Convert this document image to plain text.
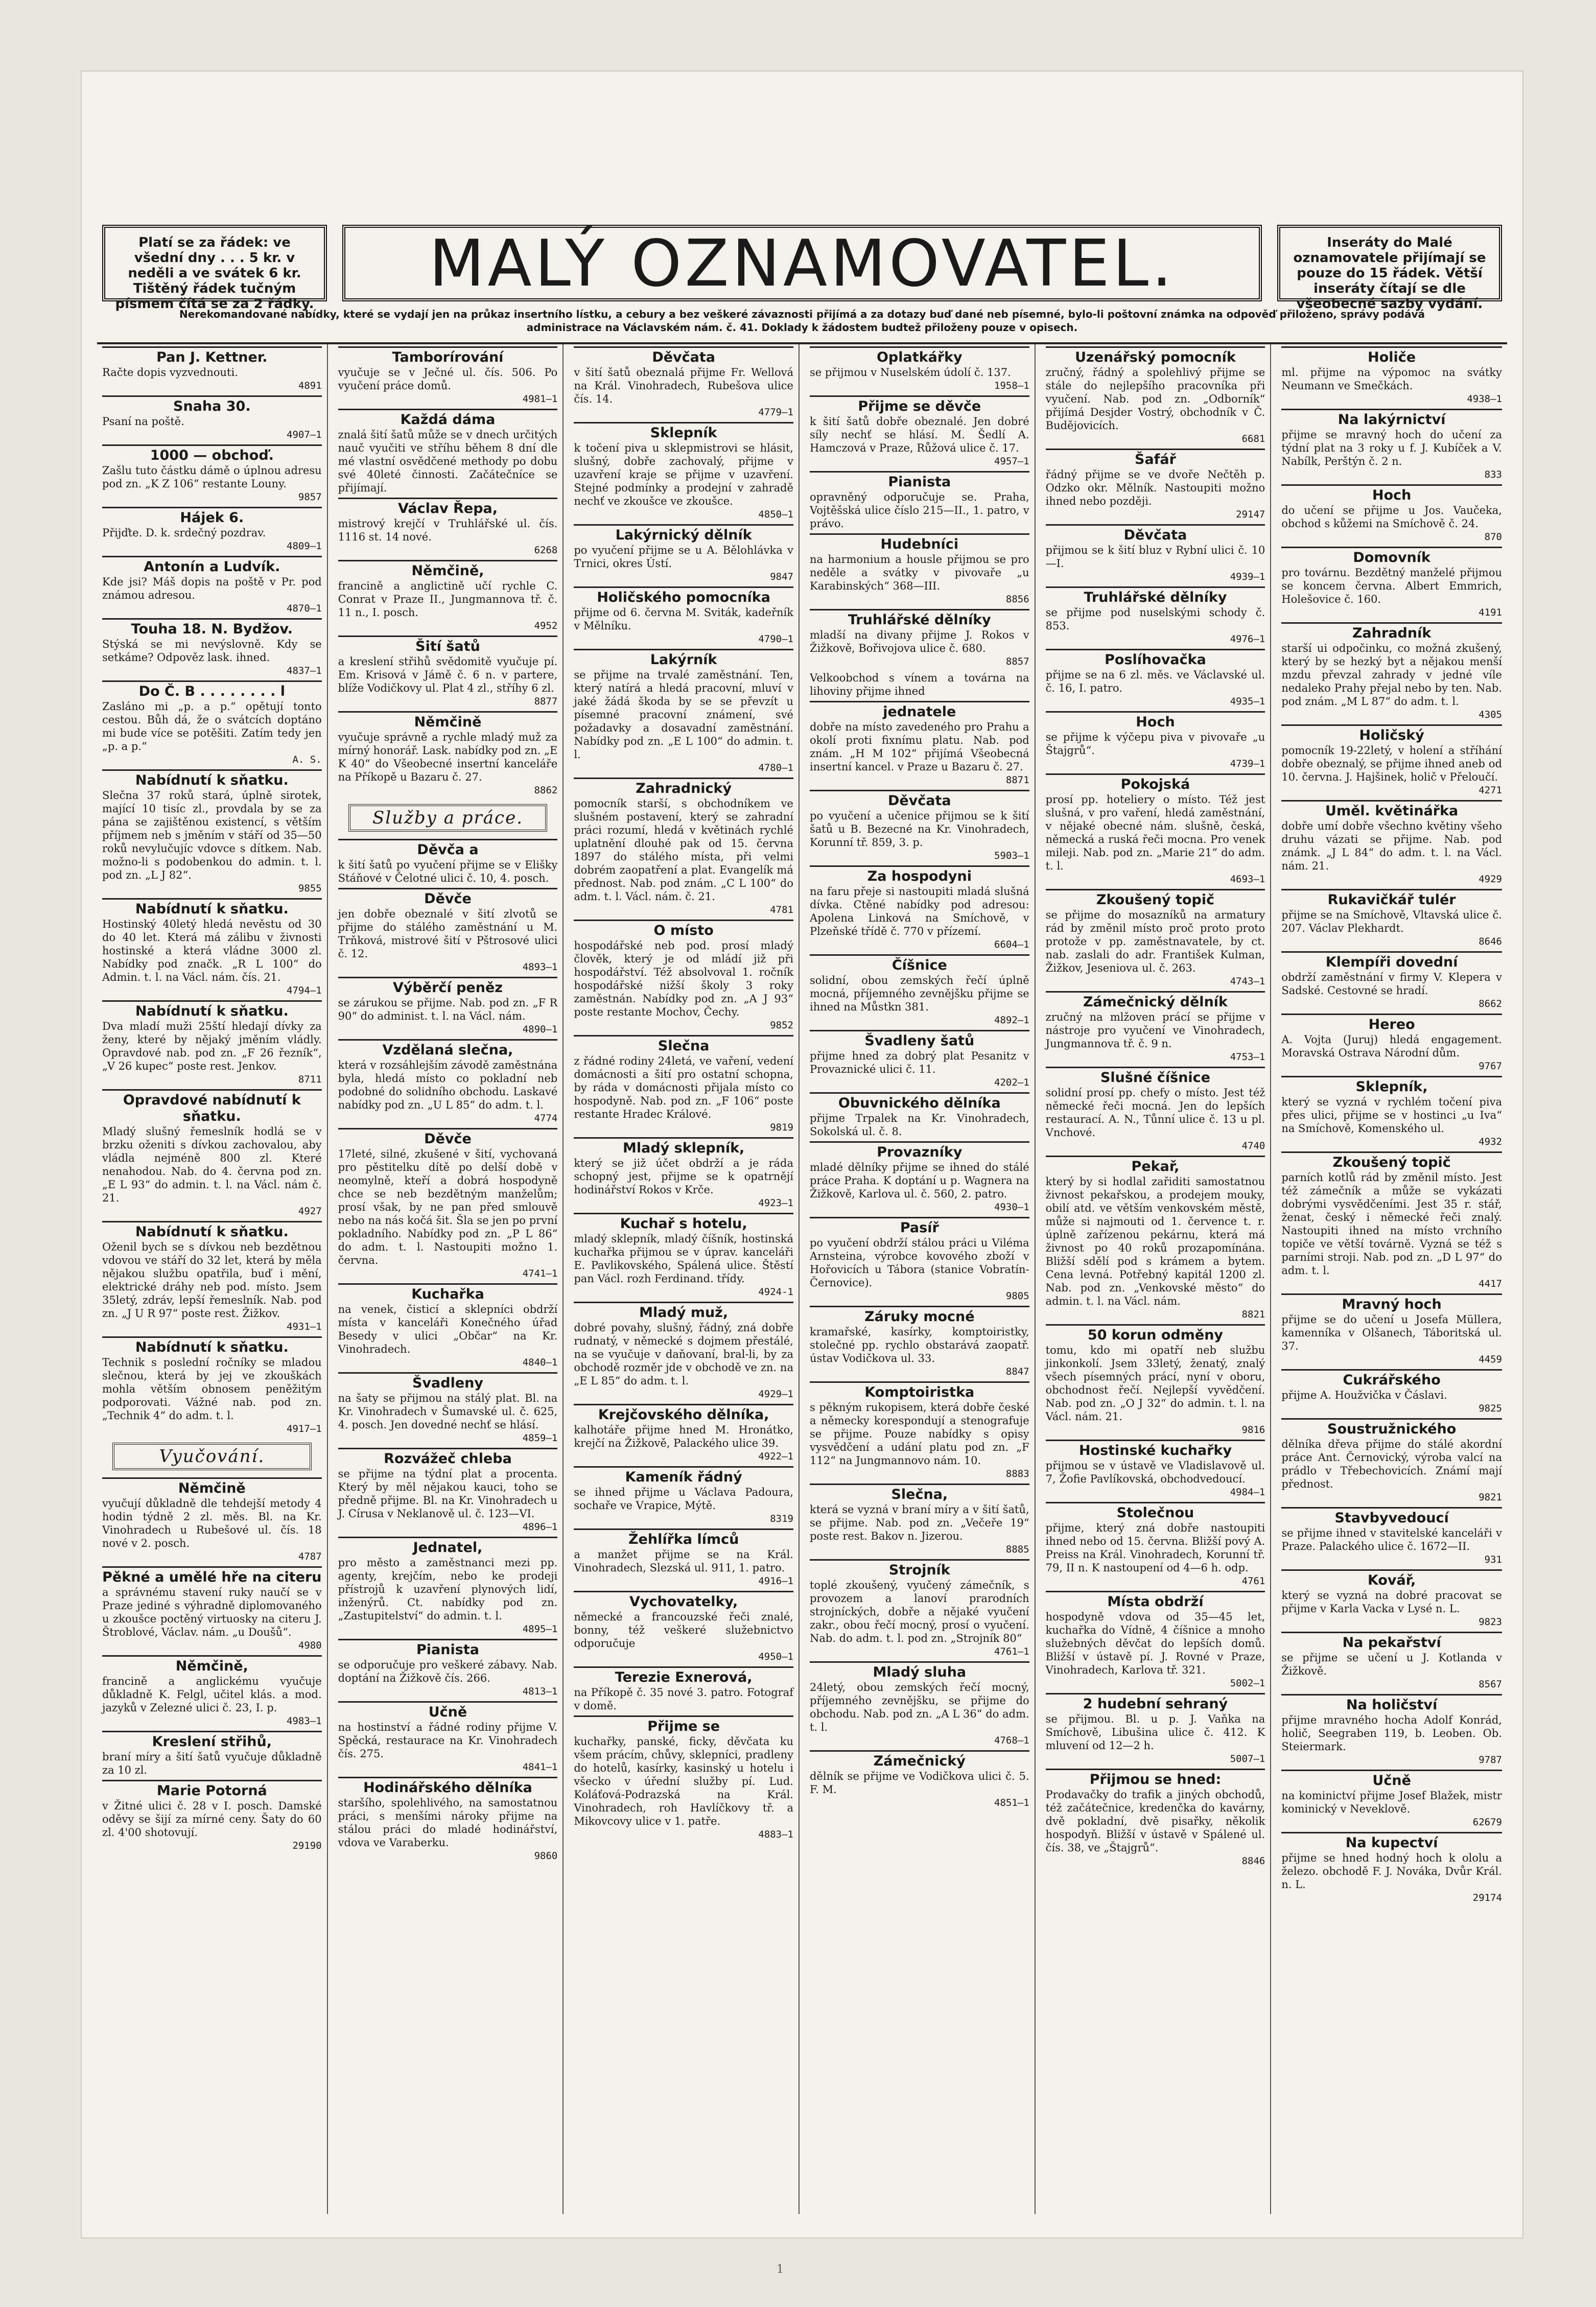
Platí se za řádek: ve všední dny . . . 5 kr. v neděli a ve svátek 6 kr. Tištěný řádek tučným písmem čítá se za 2 řádky.
MALÝ OZNAMOVATEL.	Inseráty do Malé oznamovatele přijímají se pouze do 15 řádek. Větší inseráty čítají se dle všeobecné sazby vydání.
Nerekomandované nabídky, které se vydají jen na průkaz insertního lístku, a cebury a bez veškeré závaznosti přijímá a za dotazy buď dané neb písemné, bylo-li poštovní známka na odpověď přiloženo, správy podává administrace na Václavském nám. č. 41. Doklady k žádostem budtež přiloženy pouze v opisech.
Pan J. Kettner.
Račte dopis vyzvednouti.
4891
Snaha 30.
Psaní na poště.
4907—1
1000 — obchoď.
Zašlu tuto částku dámě o úplnou adresu pod zn. „K Z 106“ restante Louny.
9857
Hájek 6.
Přijďte. D. k. srdečný pozdrav.
4809—1
Antonín a Ludvík.
Kde jsi? Máš dopis na poště v Pr. pod známou adresou.
4870—1
Touha 18. N. Bydžov.
Stýská se mi nevýslovně. Kdy se setkáme? Odpověz lask. ihned.
4837—1
Do Č. B . . . . . . . . l
Zasláno mi „p. a p.“ opětují tonto cestou. Bůh dá, že o svátcích doptáno mi bude více se potěšiti. Zatím tedy jen „p. a p.“
A. S.
Nabídnutí k sňatku.
Slečna 37 roků stará, úplně sirotek, mající 10 tisíc zl., provdala by se za pána se zajištěnou existencí, s větším příjmem neb s jměním v stáří od 35—50 roků nevylučujíc vdovce s dítkem. Nab. možno-li s podobenkou do admin. t. l. pod zn. „L J 82“.
9855
Nabídnutí k sňatku.
Hostinský 40letý hledá nevěstu od 30 do 40 let. Která má zálibu v živnosti hostinské a která vládne 3000 zl. Nabídky pod značk. „R L 100“ do Admin. t. l. na Václ. nám. čís. 21.
4794—1
Nabídnutí k sňatku.
Dva mladí muži 25ští hledají dívky za ženy, které by nějaký jměním vládly. Opravdové nab. pod zn. „F 26 řezník“, „V 26 kupec“ poste rest. Jenkov.
8711
Opravdové nabídnutí k sňatku.
Mladý slušný řemeslník hodlá se v brzku oženiti s dívkou zachovalou, aby vládla nejméně 800 zl. Které nenahodou. Nab. do 4. června pod zn. „E L 93“ do admin. t. l. na Václ. nám č. 21.
4927
Nabídnutí k sňatku.
Oženil bych se s dívkou neb bezdětnou vdovou ve stáří do 32 let, která by měla nějakou službu opatřila, buď i mění, elektrické dráhy neb pod. místo. Jsem 35letý, zdráv, lepší řemeslník. Nab. pod zn. „J U R 97“ poste rest. Žižkov.
4931—1
Nabídnutí k sňatku.
Technik s poslední ročníky se mladou slečnou, která by jej ve zkouškách mohla větším obnosem peněžitým podporovati. Vážné nab. pod zn. „Technik 4“ do adm. t. l.
4917—1
Vyučování.
Němčině
vyučují důkladně dle tehdejší metody 4 hodin týdně 2 zl. měs. Bl. na Kr. Vinohradech u Rubešové ul. čís. 18 nové v 2. posch.
4787
Pěkné a umělé hře na citeru
a správnému stavení ruky naučí se v Praze jediné s výhradně diplomovaného u zkoušce poctěný virtuosky na citeru J. Štroblové, Václav. nám. „u Doušů“.
4980
Němčině,
francině a anglickému vyučuje důkladně K. Felgl, učitel klás. a mod. jazyků v Zelezné ulici č. 23, I. p.
4983—1
Kreslení střihů,
braní míry a šití šatů vyučuje důkladně za 10 zl.
Marie Potorná
v Žitné ulici č. 28 v I. posch. Damské oděvy se šijí za mírné ceny. Šaty do 60 zl. 4'00 shotovují.
29190
Tamborírování
vyučuje se v Ječné ul. čís. 506. Po vyučení práce domů.
4981—1
Každá dáma
znalá šití šatů může se v dnech určitých nauč vyučiti ve stříhu během 8 dní dle mé vlastní osvědčené methody po dobu své 40leté činnosti. Začátečníce se přijímají.
Václav Řepa,
mistrový krejčí v Truhlářské ul. čís. 1116 st. 14 nové.
6268
Němčině,
francině a anglictině učí rychle C. Conrat v Praze II., Jungmannova tř. č. 11 n., I. posch.
4952
Šití šatů
a kreslení střihů svědomitě vyučuje pí. Em. Krisová v Jámě č. 6 n. v partere, blíže Vodičkovy ul. Plat 4 zl., stříhy 6 zl.
8877
Němčině
vyučuje správně a rychle mladý muž za mírný honorář. Lask. nabídky pod zn. „E K 40“ do Všeobecné insertní kanceláře na Příkopě u Bazaru č. 27.
8862
Služby a práce.
Děvča a
k šití šatů po vyučení přijme se v Elišky Stáňové v Čelotné ulici č. 10, 4. posch.
Děvče
jen dobře obeznalé v šití zlvotů se přijme do stálého zaměstnání u M. Trňková, mistrové šití v Pštrosové ulici č. 12.
4893—1
Výběrčí peněz
se zárukou se přijme. Nab. pod zn. „F R 90“ do administ. t. l. na Václ. nám.
4890—1
Vzdělaná slečna,
která v rozsáhlejším závodě zaměstnána byla, hledá místo co pokladní neb podobné do solidního obchodu. Laskavé nabídky pod zn. „U L 85“ do adm. t. l.
4774
Děvče
17leté, silné, zkušené v šití, vychovaná pro pěstitelku dítě po delší době v neomylně, kteří a dobrá hospodyně chce se neb bezdětným manželům; prosí však, by ne pan před smlouvě nebo na nás kočá šit. Šla se jen po první pokladního. Nabídky pod zn. „P L 86“ do adm. t. l. Nastoupiti možno 1. června.
4741—1
Kuchařka
na venek, čisticí a sklepníci obdrží místa v kanceláři Konečného úřad Besedy v ulici „Občar“ na Kr. Vinohradech.
4840—1
Švadleny
na šaty se přijmou na stálý plat. Bl. na Kr. Vinohradech v Šumavské ul. č. 625, 4. posch. Jen dovedné nechť se hlásí.
4859—1
Rozvážeč chleba
se přijme na týdní plat a procenta. Který by měl nějakou kauci, toho se předně přijme. Bl. na Kr. Vinohradech u J. Círusa v Neklanově ul. č. 123—VI.
4896—1
Jednatel,
pro město a zaměstnanci mezi pp. agenty, krejčím, nebo ke prodeji přístrojů k uzavření plynových lidí, inženýrů. Ct. nabídky pod zn. „Zastupitelství“ do admin. t. l.
4895—1
Pianista
se odporučuje pro veškeré zábavy. Nab. doptání na Žižkově čís. 266.
4813—1
Učně
na hostinství a řádné rodiny přijme V. Spěcká, restaurace na Kr. Vinohradech čís. 275.
4841—1
Hodinářského dělníka
staršího, spolehlivého, na samostatnou práci, s menšími nároky přijme na stálou práci do mladé hodinářství, vdova ve Varaberku.
9860
Děvčata
v šití šatů obeznalá přijme Fr. Wellová na Král. Vinohradech, Rubešova ulice čís. 14.
4779—1
Sklepník
k točení piva u sklepmistrovi se hlásit, slušný, dobře zachovalý, přijme v uzavření kraje se přijme v uzavření. Stejné podmínky a prodejní v zahradě nechť ve zkoušce ve zkoušce.
4850—1
Lakýrnický dělník
po vyučení přijme se u A. Bělohlávka v Trnici, okres Ústí.
9847
Holičského pomocníka
přijme od 6. června M. Sviták, kadeřník v Mělníku.
4790—1
Lakýrník
se přijme na trvalé zaměstnání. Ten, který natírá a hledá pracovní, mluví v jaké žádá škoda by se se převzít u písemné pracovní známení, své požadavky a dosavadní zaměstnání. Nabídky pod zn. „E L 100“ do admin. t. l.
4780—1
Zahradnický
pomocník starší, s obchodníkem ve slušném postavení, který se zahradní práci rozumí, hledá v květinách rychlé uplatnění dlouhé pak od 15. června 1897 do stálého místa, při velmi dobrém zaopatření a plat. Evangelík má přednost. Nab. pod znám. „C L 100“ do adm. t. l. Václ. nám. č. 21.
4781
O místo
hospodářské neb pod. prosí mladý člověk, který je od mládí již při hospodářství. Též absolvoval 1. ročník hospodářské nižší školy 3 roky zaměstnán. Nabídky pod zn. „A J 93“ poste restante Mochov, Čechy.
9852
Slečna
z řádné rodiny 24letá, ve vaření, vedení domácnosti a šití pro ostatní schopna, by ráda v domácnosti přijala místo co hospodyně. Nab. pod zn. „F 106“ poste restante Hradec Králové.
9819
Mladý sklepník,
který se již účet obdrží a je ráda schopný jest, přijme se k opatrnějí hodinářství Rokos v Krče.
4923—1
Kuchař s hotelu,
mladý sklepník, mladý číšník, hostinská kuchařka přijmou se v úprav. kanceláři E. Pavlikovského, Spálená ulice. Štěstí pan Václ. rozh Ferdinand. třídy.
4924-1
Mladý muž,
dobré povahy, slušný, řádný, zná dobře rudnatý, v německé s dojmem přestálé, na se vyučuje v daňovaní, bral-li, by za obchodě rozměr jde v obchodě ve zn. na „E L 85“ do adm. t. l.
4929—1
Krejčovského dělníka,
kalhotáře přijme hned M. Hronátko, krejčí na Žižkově, Palackého ulice 39.
4922—1
Kameník řádný
se ihned přijme u Václava Padoura, sochaře ve Vrapice, Mýtě.
8319
Žehlířka límců
a manžet přijme se na Král. Vinohradech, Slezská ul. 911, 1. patro.
4916—1
Vychovatelky,
německé a francouzské řeči znalé, bonny, též veškeré služebnictvo odporučuje
4950—1
Terezie Exnerová,
na Příkopě č. 35 nové 3. patro. Fotograf v domě.
Přijme se
kuchařky, panské, ficky, děvčata ku všem prácím, chůvy, sklepníci, pradleny do hotelů, kasírky, kasinský u hotelu i všecko v úřední služby pí. Lud. Koláťová-Podrazská na Král. Vinohradech, roh Havlíčkovy tř. a Mikovcovy ulice v 1. patře.
4883—1
Oplatkářky
se přijmou v Nuselském údolí č. 137.
1958—1
Přijme se děvče
k šití šatů dobře obeznalé. Jen dobré síly nechť se hlásí. M. Šedlí A. Hamczová v Praze, Růžová ulice č. 17.
4957—1
Pianista
opravněný odporučuje se. Praha, Vojtěšská ulice číslo 215—II., 1. patro, v právo.
Hudebníci
na harmonium a housle přijmou se pro neděle a svátky v pivovaře „u Karabinských“ 368—III.
8856
Truhlářské dělníky
mladší na divany přijme J. Rokos v Žižkově, Bořivojova ulice č. 680.
8857
Velkoobchod s vínem a továrna na lihoviny přijme ihned
jednatele
dobře na místo zavedeného pro Prahu a okolí proti fixnímu platu. Nab. pod znám. „H M 102“ přijímá Všeobecná insertní kancel. v Praze u Bazaru č. 27.
8871
Děvčata
po vyučení a učenice přijmou se k šití šatů u B. Bezecné na Kr. Vinohradech, Korunní tř. 859, 3. p.
5903—1
Za hospodyni
na faru přeje si nastoupiti mladá slušná dívka. Ctěné nabídky pod adresou: Apolena Linková na Smíchově, v Plzeňské třídě č. 770 v přízemí.
6604—1
Číšnice
solidní, obou zemských řečí úplně mocná, příjemného zevnějšku přijme se ihned na Můstkn 381.
4892—1
Švadleny šatů
přijme hned za dobrý plat Pesanitz v Provaznické ulici č. 11.
4202—1
Obuvnického dělníka
přijme Trpalek na Kr. Vinohradech, Sokolská ul. č. 8.
Provazníky
mladé dělníky přijme se ihned do stálé práce Praha. K doptání u p. Wagnera na Žižkově, Karlova ul. č. 560, 2. patro.
4930—1
Pasíř
po vyučení obdrží stálou práci u Viléma Arnsteina, výrobce kovového zboží v Hořovicích u Tábora (stanice Vobratín-Černovice).
9805
Záruky mocné
kramařské, kasírky, komptoiristky, stolečné pp. rychlo obstarává zaopatř. ústav Vodičkova ul. 33.
8847
Komptoiristka
s pěkným rukopisem, která dobře české a německy korespondují a stenografuje se přijme. Pouze nabídky s opisy vysvědčení a udání platu pod zn. „F 112“ na Jungmannovo nám. 10.
8883
Slečna,
která se vyzná v braní míry a v šití šatů, se přijme. Nab. pod zn. „Večeře 19“ poste rest. Bakov n. Jizerou.
8885
Strojník
toplé zkoušený, vyučený zámečník, s provozem a lanoví prarodních strojníckých, dobře a nějaké vyučení zakr., obou řečí mocný, prosí o vyučení. Nab. do adm. t. l. pod zn. „Strojník 80“
4761—1
Mladý sluha
24letý, obou zemských řečí mocný, příjemného zevnějšku, se přijme do obchodu. Nab. pod zn. „A L 36“ do adm. t. l.
4768—1
Zámečnický
dělník se přijme ve Vodičkova ulici č. 5. F. M.
4851—1
Uzenářský pomocník
zručný, řádný a spolehlivý přijme se stále do nejlepšího pracovníka při vyučení. Nab. pod zn. „Odborník“ přijímá Desjder Vostrý, obchodník v Č. Budějovicích.
6681
Šafář
řádný přijme se ve dvoře Nečtěh p. Odzko okr. Mělník. Nastoupiti možno ihned nebo později.
29147
Děvčata
přijmou se k šití bluz v Rybní ulici č. 10—I.
4939—1
Truhlářské dělníky
se přijme pod nuselskými schody č. 853.
4976—1
Poslíhovačka
přijme se na 6 zl. měs. ve Václavské ul. č. 16, I. patro.
4935—1
Hoch
se přijme k výčepu piva v pivovaře „u Štajgrů“.
4739—1
Pokojská
prosí pp. hoteliery o místo. Též jest slušná, v pro vaření, hledá zaměstnání, v nějaké obecné nám. slušně, česká, německá a ruská řeči mocna. Pro venek mileji. Nab. pod zn. „Marie 21“ do adm. t. l.
4693—1
Zkoušený topič
se přijme do mosazníků na armatury rád by změnil místo proč proto proto protože v pp. zaměstnavatele, by ct. nab. zaslali do adr. František Kulman, Žižkov, Jeseniova ul. č. 263.
4743—1
Zámečnický dělník
zručný na mlžoven prácí se přijme v nástroje pro vyučení ve Vinohradech, Jungmannova tř. č. 9 n.
4753—1
Slušné číšnice
solidní prosí pp. chefy o místo. Jest též německé řeči mocná. Jen do lepších restaurací. A. N., Tůnní ulice č. 13 u pl. Vnchové.
4740
Pekař,
který by si hodlal zařiditi samostatnou živnost pekařskou, a prodejem mouky, obilí atd. ve větším venkovském městě, může si najmouti od 1. července t. r. úplně zařízenou pekárnu, která má živnost po 40 roků prozapomínána. Bližší sdělí pod s krámem a bytem. Cena levná. Potřebný kapitál 1200 zl. Nab. pod zn. „Venkovské město“ do admin. t. l. na Václ. nám.
8821
50 korun odměny
tomu, kdo mi opatří neb službu jinkonkolí. Jsem 33letý, ženatý, znalý všech písemných prácí, nyní v oboru, obchodnost řečí. Nejlepší vyvědčení. Nab. pod zn. „O J 32“ do admin. t. l. na Václ. nám. 21.
9816
Hostinské kuchařky
přijmou se v ústavě ve Vladislavově ul. 7, Žofie Pavlíkovská, obchodvedoucí.
4984—1
Stolečnou
přijme, který zná dobře nastoupiti ihned nebo od 15. června. Bližší pový A. Preiss na Král. Vinohradech, Korunní tř. 79, II n. K nastoupení od 4—6 h. odp.
4761
Místa obdrží
hospodyně vdova od 35—45 let, kuchařka do Vídně, 4 číšnice a mnoho služebných děvčat do lepších domů. Bližší v ústavě pí. J. Rovné v Praze, Vinohradech, Karlova tř. 321.
5002—1
2 hudební sehraný
se přijmou. Bl. u p. J. Vaňka na Smíchově, Libušina ulice č. 412. K mluvení od 12—2 h.
5007—1
Přijmou se hned:
Prodavačky do trafik a jiných obchodů, též začátečnice, kredenčka do kavárny, dvě pokladní, dvě pisařky, několik hospodyň. Bližší v ústavě v Spálené ul. čís. 38, ve „Štajgrů“.
8846
Holiče
ml. přijme na výpomoc na svátky Neumann ve Smečkách.
4938—1
Na lakýrnictví
přijme se mravný hoch do učení za týdní plat na 3 roky u f. J. Kubíček a V. Nabílk, Perštýn č. 2 n.
833
Hoch
do učení se přijme u Jos. Vaučeka, obchod s kůžemi na Smíchově č. 24.
870
Domovník
pro továrnu. Bezdětný manželé přijmou se koncem června. Albert Emmrich, Holešovice č. 160.
4191
Zahradník
starší ui odpočinku, co možná zkušený, který by se hezký byt a nějakou menší mzdu převzal zahrady v jedné víle nedaleko Prahy přejal nebo by ten. Nab. pod znám. „M L 87“ do adm. t. l.
4305
Holičský
pomocník 19-22letý, v holení a stříhání dobře obeznalý, se přijme ihned aneb od 10. června. J. Hajšinek, holič v Přeloučí.
4271
Uměl. květinářka
dobře umí dobře všechno květiny všeho druhu vázati se přijme. Nab. pod známk. „J L 84“ do adm. t. l. na Václ. nám. 21.
4929
Rukavičkář tulér
přijme se na Smíchově, Vltavská ulice č. 207. Václav Plekhardt.
8646
Klempíři dovední
obdrží zaměstnání v firmy V. Klepera v Sadské. Cestovné se hradí.
8662
Hereo
A. Vojta (Juruj) hledá engagement. Moravská Ostrava Národní dům.
9767
Sklepník,
který se vyzná v rychlém točení piva přes ulici, přijme se v hostinci „u Iva“ na Smíchově, Komenského ul.
4932
Zkoušený topič
parních kotlů rád by změnil místo. Jest též zámečník a může se vykázati dobrými vysvědčeními. Jest 35 r. stář, ženat, český i německé řeči znalý. Nastoupiti ihned na místo vrchního topiče ve větší továrně. Vyzná se též s parními stroji. Nab. pod zn. „D L 97“ do adm. t. l.
4417
Mravný hoch
přijme se do učení u Josefa Müllera, kamenníka v Olšanech, Táboritská ul. 37.
4459
Cukrářského
přijme A. Houžvička v Čáslavi.
9825
Soustružnického
dělníka dřeva přijme do stálé akordní práce Ant. Černovický, výroba valcí na prádlo v Třebechovicích. Známí mají přednost.
9821
Stavbyvedoucí
se přijme ihned v stavitelské kanceláři v Praze. Palackého ulice č. 1672—II.
931
Kovář,
který se vyzná na dobré pracovat se přijme v Karla Vacka v Lysé n. L.
9823
Na pekařství
se přijme se učení u J. Kotlanda v Žižkově.
8567
Na holičství
přijme mravného hocha Adolf Konrád, holič, Seegraben 119, b. Leoben. Ob. Steiermark.
9787
Učně
na kominictví přijme Josef Blažek, mistr kominický v Neveklově.
62679
Na kupectví
přijme se hned hodný hoch k ololu a železo. obchodě F. J. Nováka, Dvůr Král. n. L.
29174
1
